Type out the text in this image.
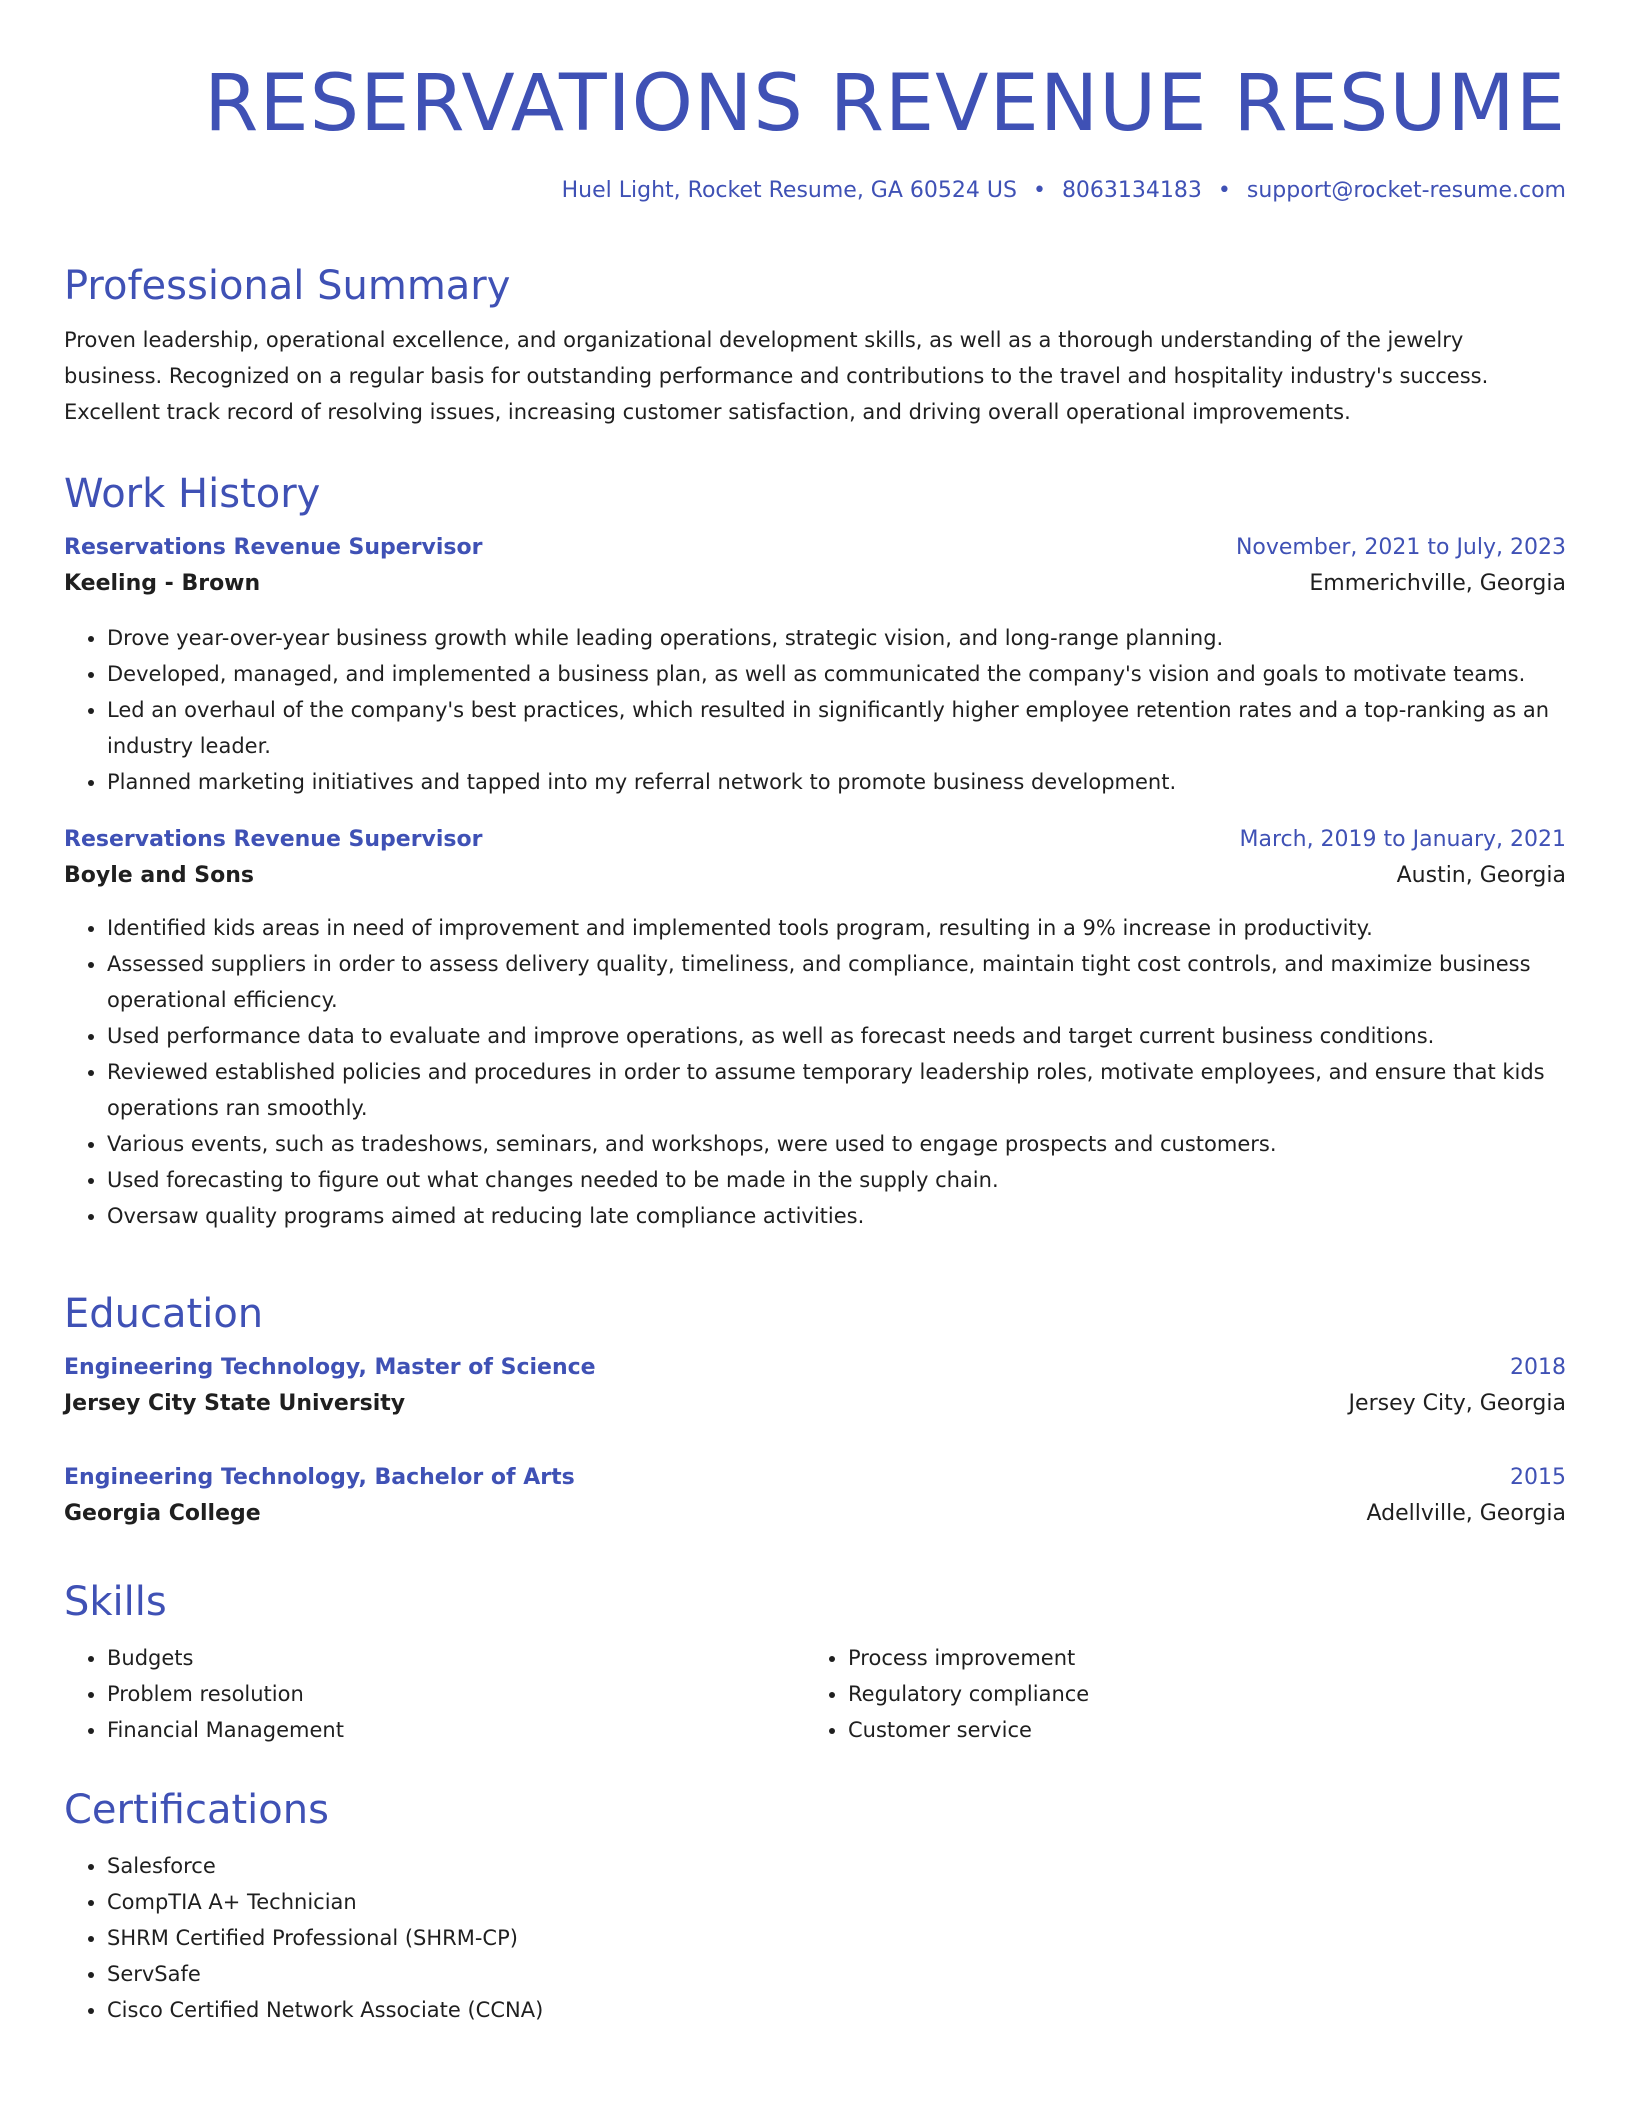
RESERVATIONS REVENUE RESUME
Huel Light, Rocket Resume, GA 60524 US • 8063134183 • support@rocket-resume.com
Professional Summary

Proven leadership, operational excellence, and organizational development skills, as well as a thorough understanding of the jewelry business. Recognized on a regular basis for outstanding performance and contributions to the travel and hospitality industry's success. Excellent track record of resolving issues, increasing customer satisfaction, and driving overall operational improvements.

Work History
Reservations Revenue Supervisor	November, 2021 to July, 2023
Keeling - Brown	Emmerichville, Georgia
• Drove year-over-year business growth while leading operations, strategic vision, and long-range planning.
• Developed, managed, and implemented a business plan, as well as communicated the company's vision and goals to motivate teams.
• Led an overhaul of the company's best practices, which resulted in significantly higher employee retention rates and a top-ranking as an industry leader.
• Planned marketing initiatives and tapped into my referral network to promote business development.
Reservations Revenue Supervisor	March, 2019 to January, 2021
Boyle and Sons	Austin, Georgia
• Identified kids areas in need of improvement and implemented tools program, resulting in a 9% increase in productivity.
• Assessed suppliers in order to assess delivery quality, timeliness, and compliance, maintain tight cost controls, and maximize business operational efficiency.
• Used performance data to evaluate and improve operations, as well as forecast needs and target current business conditions.
• Reviewed established policies and procedures in order to assume temporary leadership roles, motivate employees, and ensure that kids operations ran smoothly.
• Various events, such as tradeshows, seminars, and workshops, were used to engage prospects and customers.
• Used forecasting to figure out what changes needed to be made in the supply chain.
• Oversaw quality programs aimed at reducing late compliance activities.
Education
Engineering Technology, Master of Science	2018
Jersey City State University	Jersey City, Georgia
Engineering Technology, Bachelor of Arts	2015
Georgia College	Adellville, Georgia
Skills
• Budgets
• Problem resolution
• Financial Management
• Process improvement
• Regulatory compliance
• Customer service
Certifications
• Salesforce
• CompTIA A+ Technician
• SHRM Certified Professional (SHRM-CP)
• ServSafe
• Cisco Certified Network Associate (CCNA)
